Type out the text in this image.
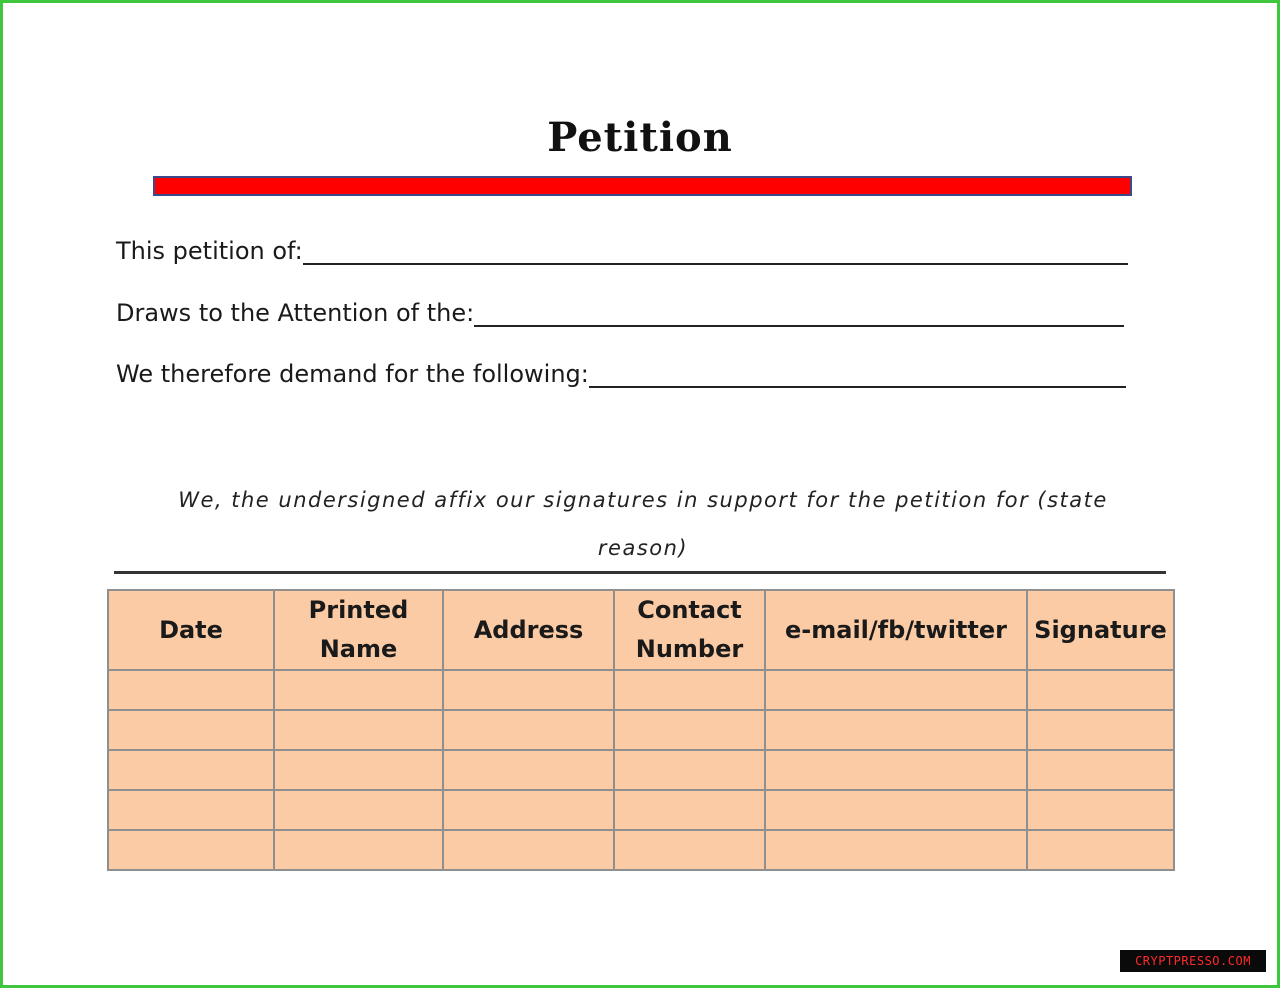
Petition
This petition of:
Draws to the Attention of the:
We therefore demand for the following:
We, the undersigned affix our signatures in support for the petition for (state reason)
Date	Printed Name	Address	Contact Number	e-mail/fb/twitter	Signature

CRYPTPRESSO.COM
